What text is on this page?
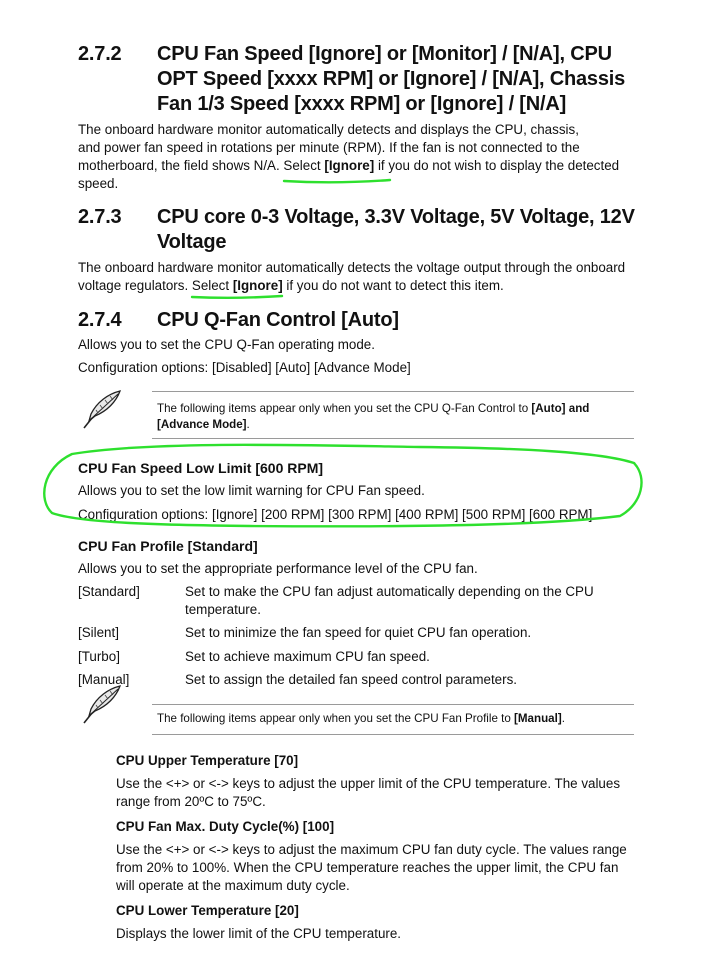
2.7.2 CPU Fan Speed [Ignore] or [Monitor] / [N/A], CPU OPT Speed [xxxx RPM] or [Ignore] / [N/A], Chassis Fan 1/3 Speed [xxxx RPM] or [Ignore] / [N/A]
The onboard hardware monitor automatically detects and displays the CPU, chassis,
and power fan speed in rotations per minute (RPM). If the fan is not connected to the
motherboard, the field shows N/A. Select [Ignore] if you do not wish to display the detected
speed.
2.7.3 CPU core 0-3 Voltage, 3.3V Voltage, 5V Voltage, 12V Voltage
The onboard hardware monitor automatically detects the voltage output through the onboard
voltage regulators. Select [Ignore] if you do not want to detect this item.
2.7.4 CPU Q-Fan Control [Auto]
Allows you to set the CPU Q-Fan operating mode.
Configuration options: [Disabled] [Auto] [Advance Mode]
The following items appear only when you set the CPU Q-Fan Control to [Auto] and
[Advance Mode].
CPU Fan Speed Low Limit [600 RPM]
Allows you to set the low limit warning for CPU Fan speed.
Configuration options: [Ignore] [200 RPM] [300 RPM] [400 RPM] [500 RPM] [600 RPM]
CPU Fan Profile [Standard]
Allows you to set the appropriate performance level of the CPU fan.
[Standard]	Set to make the CPU fan adjust automatically depending on the CPU temperature.
[Silent]	Set to minimize the fan speed for quiet CPU fan operation.
[Turbo]	Set to achieve maximum CPU fan speed.
[Manual]	Set to assign the detailed fan speed control parameters.
The following items appear only when you set the CPU Fan Profile to [Manual].
CPU Upper Temperature [70]
Use the <+> or <-> keys to adjust the upper limit of the CPU temperature. The values
range from 20ºC to 75ºC.
CPU Fan Max. Duty Cycle(%) [100]
Use the <+> or <-> keys to adjust the maximum CPU fan duty cycle. The values range
from 20% to 100%. When the CPU temperature reaches the upper limit, the CPU fan
will operate at the maximum duty cycle.
CPU Lower Temperature [20]
Displays the lower limit of the CPU temperature.
